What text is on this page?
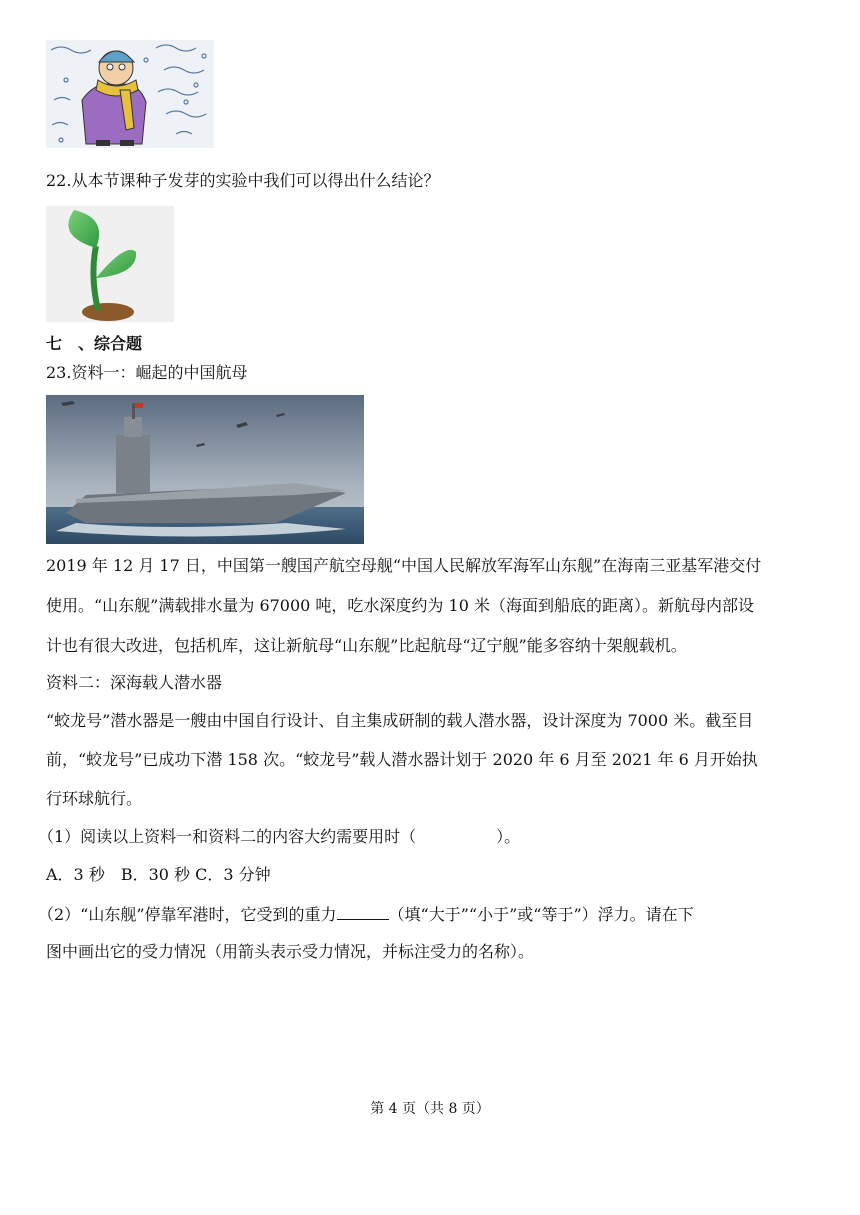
22.从本节课种子发芽的实验中我们可以得出什么结论？
七　、综合题
23.资料一：崛起的中国航母
2019 年 12 月 17 日，中国第一艘国产航空母舰“中国人民解放军海军山东舰”在海南三亚基军港交付
使用。“山东舰”满载排水量为 67000 吨，吃水深度约为 10 米（海面到船底的距离）。新航母内部设
计也有很大改进，包括机库，这让新航母“山东舰”比起航母“辽宁舰”能多容纳十架舰载机。
资料二：深海载人潜水器
“蛟龙号”潜水器是一艘由中国自行设计、自主集成研制的载人潜水器，设计深度为 7000 米。截至目
前，“蛟龙号”已成功下潜 158 次。“蛟龙号”载人潜水器计划于 2020 年 6 月至 2021 年 6 月开始执
行环球航行。
（1）阅读以上资料一和资料二的内容大约需要用时（　　　　　）。
A．3 秒　B．30 秒 C．3 分钟
（2）“山东舰”停靠军港时，它受到的重力	（填“大于”“小于”或“等于”）浮力。请在下
图中画出它的受力情况（用箭头表示受力情况，并标注受力的名称）。
第 4 页（共 8 页）
